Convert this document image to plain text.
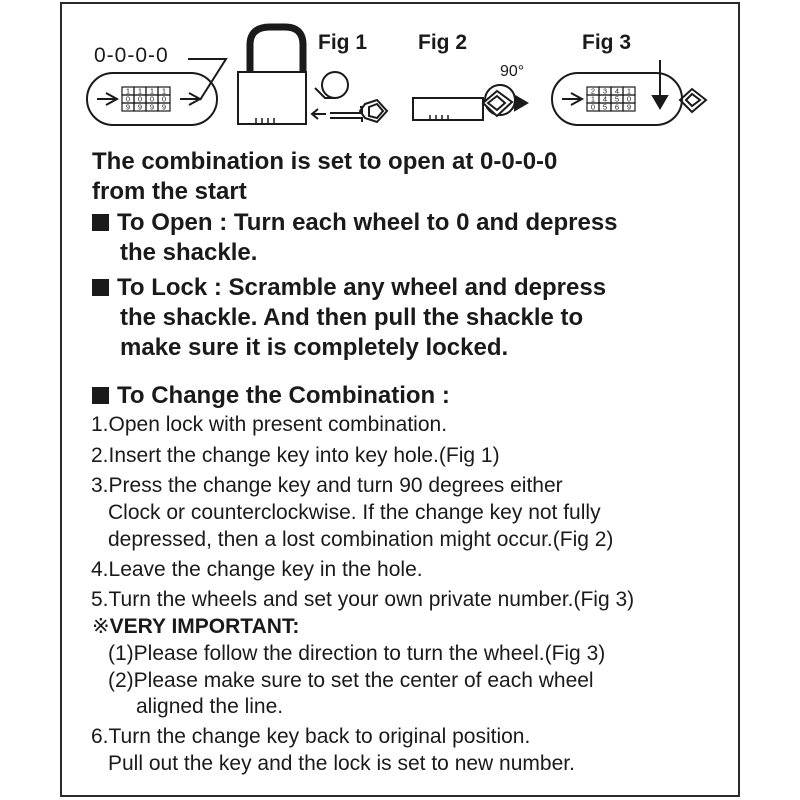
0-0-0-0
Fig 1 Fig 2	Fig 3
90°
1 1 1 1
0 0 0 0
9 9 9 9
2 3 4 1
1 4 5 0
0 5 6 9
The combination is set to open at 0-0-0-0
from the start
To Open : Turn each wheel to 0 and depress
the shackle.
To Lock : Scramble any wheel and depress
the shackle. And then pull the shackle to
make sure it is completely locked.
To Change the Combination :
1.Open lock with present combination.
2.Insert the change key into key hole.(Fig 1)
3.Press the change key and turn 90 degrees either
Clock or counterclockwise. If the change key not fully
depressed, then a lost combination might occur.(Fig 2)
4.Leave the change key in the hole.
5.Turn the wheels and set your own private number.(Fig 3)
※VERY IMPORTANT:
(1)Please follow the direction to turn the wheel.(Fig 3)
(2)Please make sure to set the center of each wheel
aligned the line.
6.Turn the change key back to original position.
Pull out the key and the lock is set to new number.
